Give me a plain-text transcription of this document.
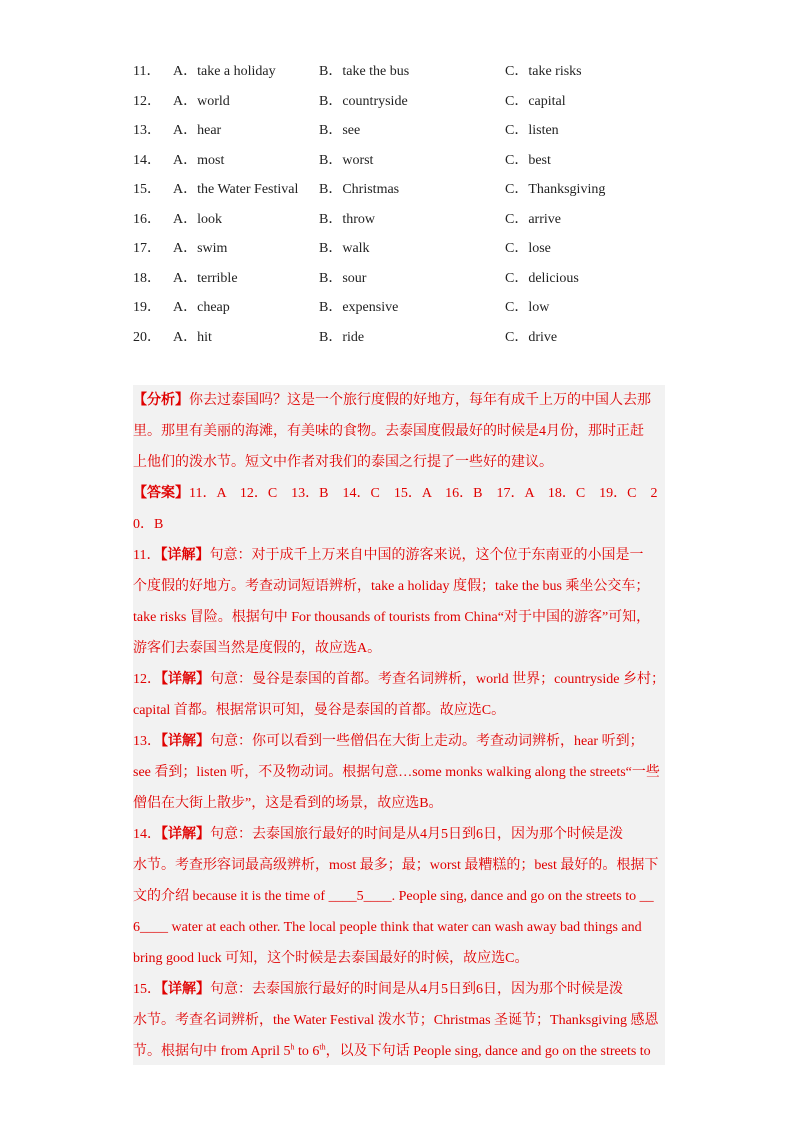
11． A．take a holiday	B．take the bus	C．take risks
12． A．world	B．countryside	C．capital
13． A．hear	B．see	C．listen
14． A．most	B．worst	C．best
15． A．the Water Festival B．Christmas	C．Thanksgiving
16． A．look	B．throw	C．arrive
17． A．swim	B．walk	C．lose
18． A．terrible	B．sour	C．delicious
19． A．cheap	B．expensive	C．low
20． A．hit	B．ride	C．drive
【分析】你去过泰国吗？这是一个旅行度假的好地方，每年有成千上万的中国人去那
里。那里有美丽的海滩，有美味的食物。去泰国度假最好的时候是4月份，那时正赶
上他们的泼水节。短文中作者对我们的泰国之行提了一些好的建议。
【答案】11．A　12．C　13．B　14．C　15．A　16．B　17．A　18．C　19．C　2
0．B
11．【详解】句意：对于成千上万来自中国的游客来说，这个位于东南亚的小国是一
个度假的好地方。考查动词短语辨析，take a holiday 度假；take the bus 乘坐公交车；
take risks 冒险。根据句中 For thousands of tourists from China“对于中国的游客”可知，
游客们去泰国当然是度假的，故应选A。
12．【详解】句意：曼谷是泰国的首都。考查名词辨析，world 世界；countryside 乡村；
capital 首都。根据常识可知，曼谷是泰国的首都。故应选C。
13．【详解】句意：你可以看到一些僧侣在大街上走动。考查动词辨析，hear 听到；
see 看到；listen 听，不及物动词。根据句意…some monks walking along the streets“一些
僧侣在大街上散步”，这是看到的场景，故应选B。
14．【详解】句意：去泰国旅行最好的时间是从4月5日到6日，因为那个时候是泼
水节。考查形容词最高级辨析，most 最多；最；worst 最糟糕的；best 最好的。根据下
文的介绍 because it is the time of ____5____. People sing, dance and go on the streets to __
6____ water at each other. The local people think that water can wash away bad things and
bring good luck 可知，这个时候是去泰国最好的时候，故应选C。
15．【详解】句意：去泰国旅行最好的时间是从4月5日到6日，因为那个时候是泼
水节。考查名词辨析，the Water Festival 泼水节；Christmas 圣诞节；Thanksgiving 感恩
节。根据句中 from April 5$^h$ to 6th，以及下句话 People sing, dance and go on the streets to
